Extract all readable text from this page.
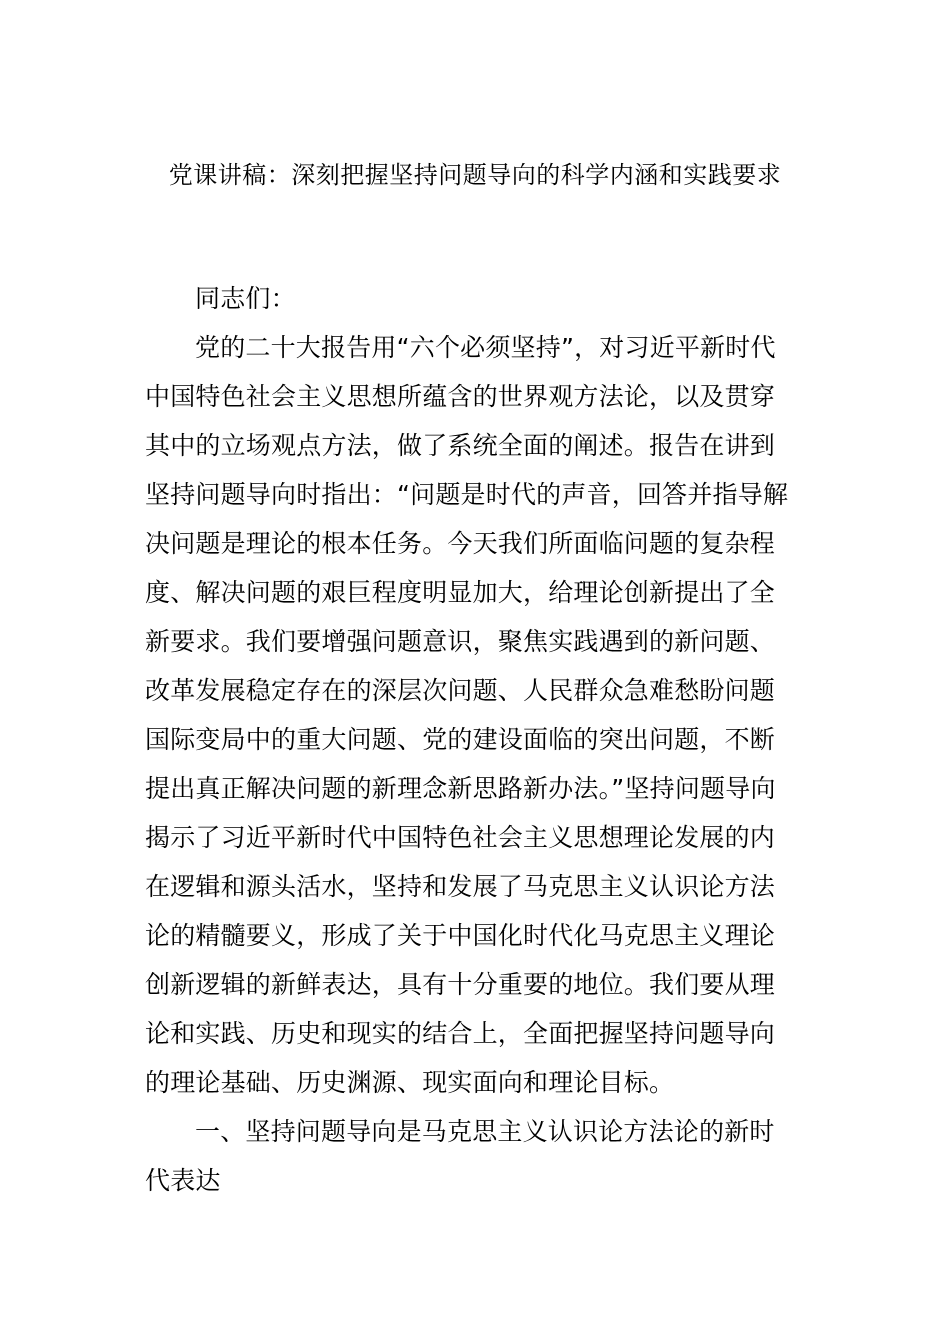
党课讲稿：深刻把握坚持问题导向的科学内涵和实践要求
同志们：
党的二十大报告用“六个必须坚持”，对习近平新时代
中国特色社会主义思想所蕴含的世界观方法论，以及贯穿
其中的立场观点方法，做了系统全面的阐述。报告在讲到
坚持问题导向时指出：“问题是时代的声音，回答并指导解
决问题是理论的根本任务。今天我们所面临问题的复杂程
度、解决问题的艰巨程度明显加大，给理论创新提出了全
新要求。我们要增强问题意识，聚焦实践遇到的新问题、
改革发展稳定存在的深层次问题、人民群众急难愁盼问题
国际变局中的重大问题、党的建设面临的突出问题，不断
提出真正解决问题的新理念新思路新办法。”坚持问题导向
揭示了习近平新时代中国特色社会主义思想理论发展的内
在逻辑和源头活水，坚持和发展了马克思主义认识论方法
论的精髓要义，形成了关于中国化时代化马克思主义理论
创新逻辑的新鲜表达，具有十分重要的地位。我们要从理
论和实践、历史和现实的结合上，全面把握坚持问题导向
的理论基础、历史渊源、现实面向和理论目标。
一、坚持问题导向是马克思主义认识论方法论的新时
代表达
